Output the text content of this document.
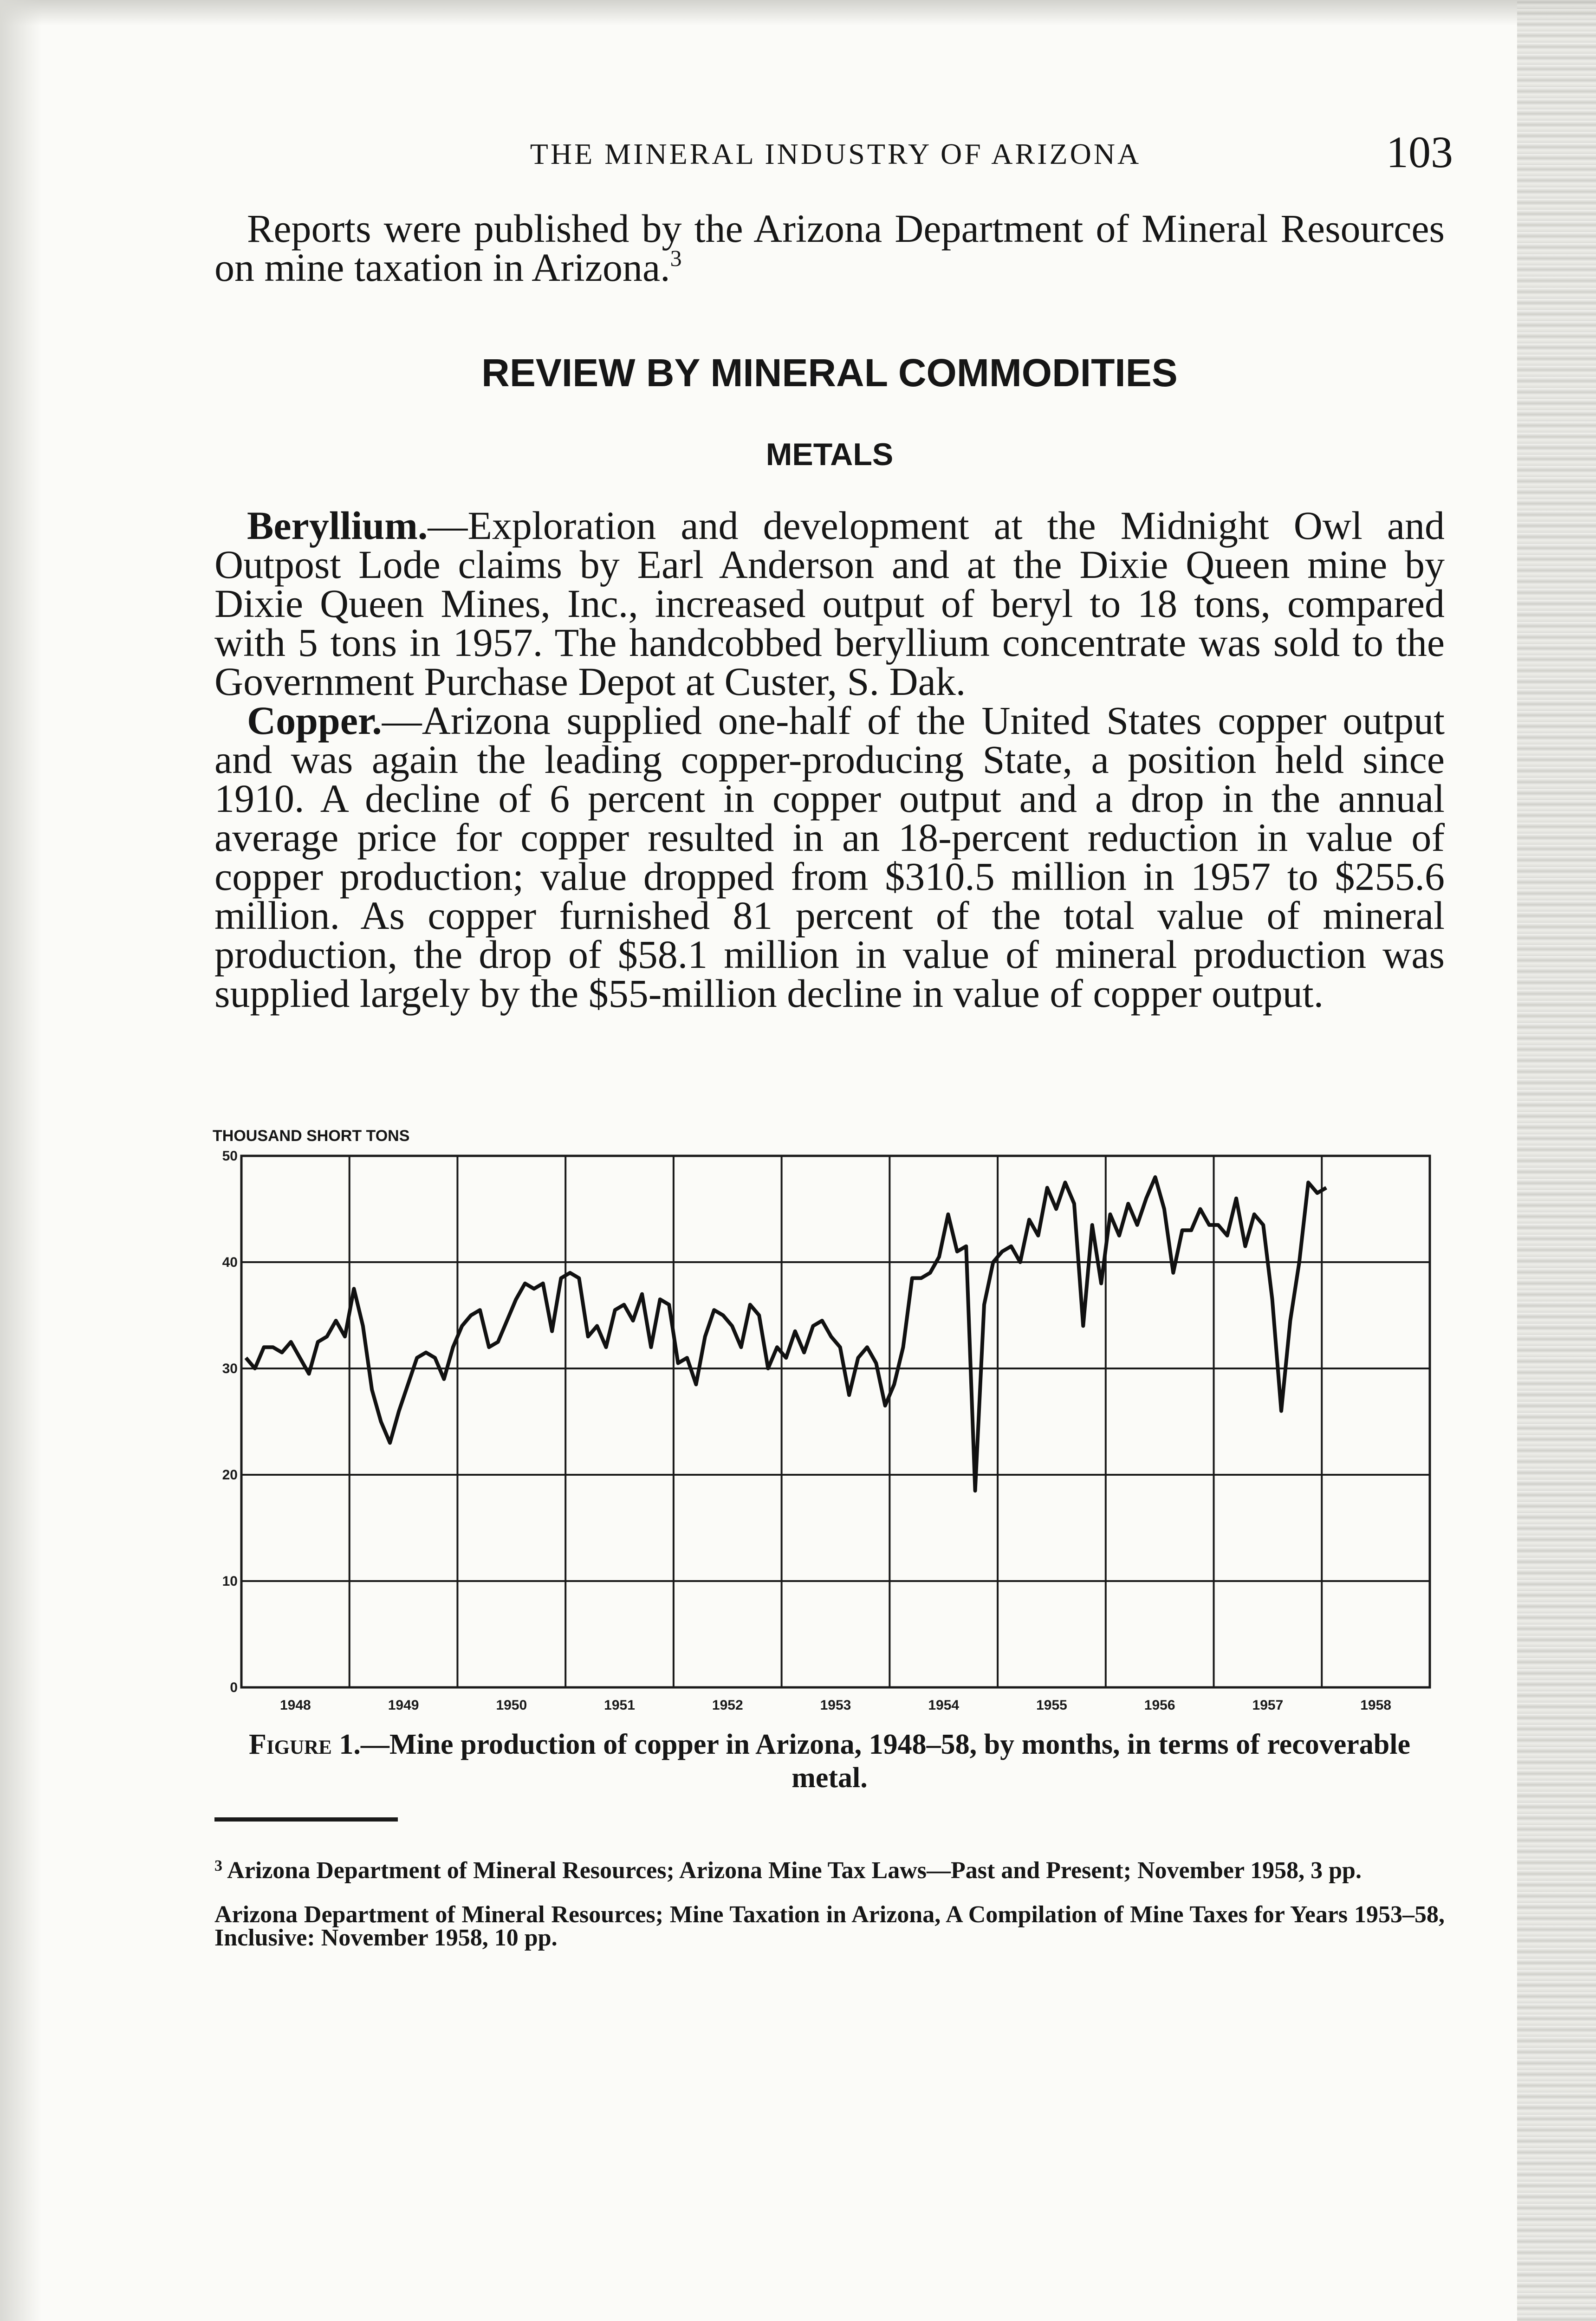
THE MINERAL INDUSTRY OF ARIZONA	103

Reports were published by the Arizona Department of Mineral Resources on mine taxation in Arizona.$^3$

REVIEW BY MINERAL COMMODITIES
METALS

Beryllium.—Exploration and development at the Midnight Owl and Outpost Lode claims by Earl Anderson and at the Dixie Queen mine by Dixie Queen Mines, Inc., increased output of beryl to 18 tons, compared with 5 tons in 1957. The handcobbed beryllium concentrate was sold to the Government Purchase Depot at Custer, S. Dak.

Copper.—Arizona supplied one-half of the United States copper output and was again the leading copper-producing State, a position held since 1910. A decline of 6 percent in copper output and a drop in the annual average price for copper resulted in an 18-percent reduction in value of copper production; value dropped from $310.5 million in 1957 to $255.6 million. As copper furnished 81 percent of the total value of mineral production, the drop of $58.1 million in value of mineral production was supplied largely by the $55-million decline in value of copper output.

THOUSAND SHORT TONS
0
10
20
30
40
50
1948	1949	1950	1951	1952	1953	1954	1955	1956	1957	1958
Figure 1.—Mine production of copper in Arizona, 1948–58, by months, in terms of recoverable metal.

$^3$ Arizona Department of Mineral Resources; Arizona Mine Tax Laws—Past and Present; November 1958, 3 pp.

Arizona Department of Mineral Resources; Mine Taxation in Arizona, A Compilation of Mine Taxes for Years 1953–58, Inclusive: November 1958, 10 pp.
